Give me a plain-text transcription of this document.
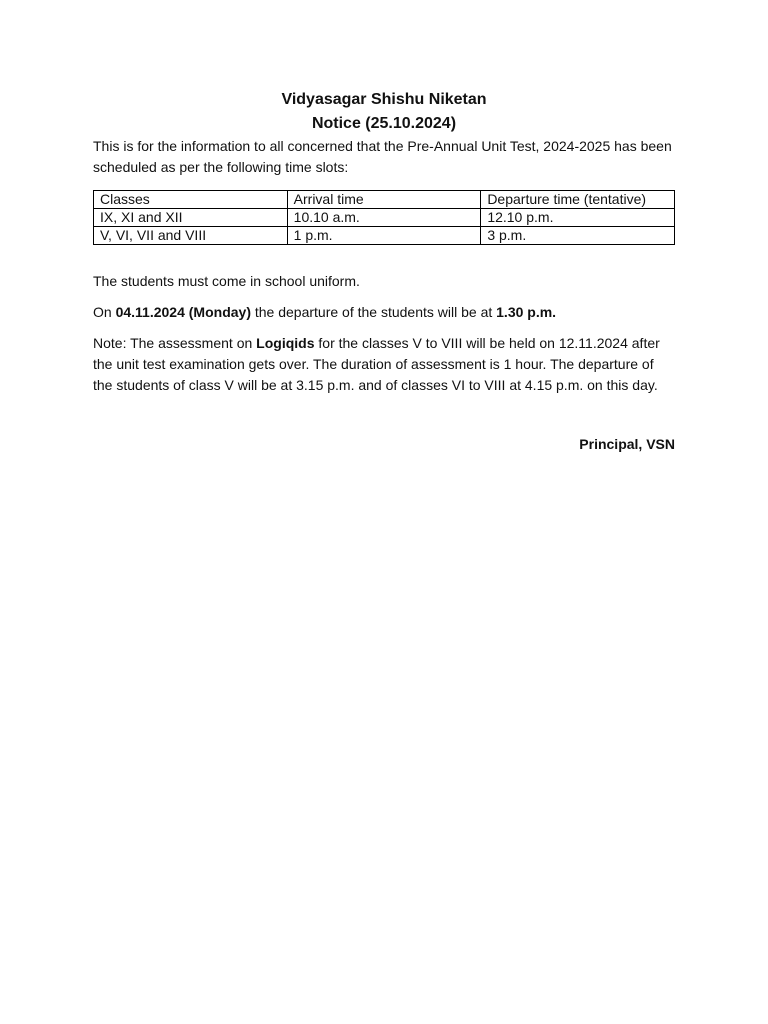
Vidyasagar Shishu Niketan

Notice (25.10.2024)

This is for the information to all concerned that the Pre-Annual Unit Test, 2024-2025 has been scheduled as per the following time slots:

Classes	Arrival time	Departure time (tentative)
IX, XI and XII	10.10 a.m.	12.10 p.m.
V, VI, VII and VIII	1 p.m.	3 p.m.

The students must come in school uniform.

On 04.11.2024 (Monday) the departure of the students will be at 1.30 p.m.

Note: The assessment on Logiqids for the classes V to VIII will be held on 12.11.2024 after the unit test examination gets over. The duration of assessment is 1 hour. The departure of the students of class V will be at 3.15 p.m. and of classes VI to VIII at 4.15 p.m. on this day.

Principal, VSN
